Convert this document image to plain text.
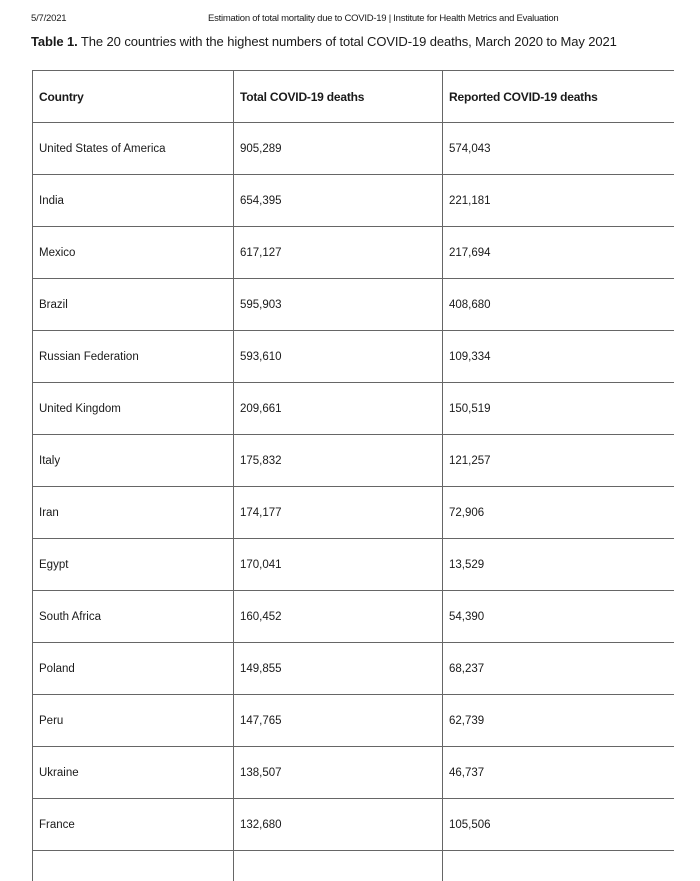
5/7/2021	Estimation of total mortality due to COVID-19 | Institute for Health Metrics and Evaluation
Table 1. The 20 countries with the highest numbers of total COVID-19 deaths, March 2020 to May 2021
Country	Total COVID-19 deaths	Reported COVID-19 deaths
United States of America	905,289	574,043
India	654,395	221,181
Mexico	617,127	217,694
Brazil	595,903	408,680
Russian Federation	593,610	109,334
United Kingdom	209,661	150,519
Italy	175,832	121,257
Iran	174,177	72,906
Egypt	170,041	13,529
South Africa	160,452	54,390
Poland	149,855	68,237
Peru	147,765	62,739
Ukraine	138,507	46,737
France	132,680	105,506
